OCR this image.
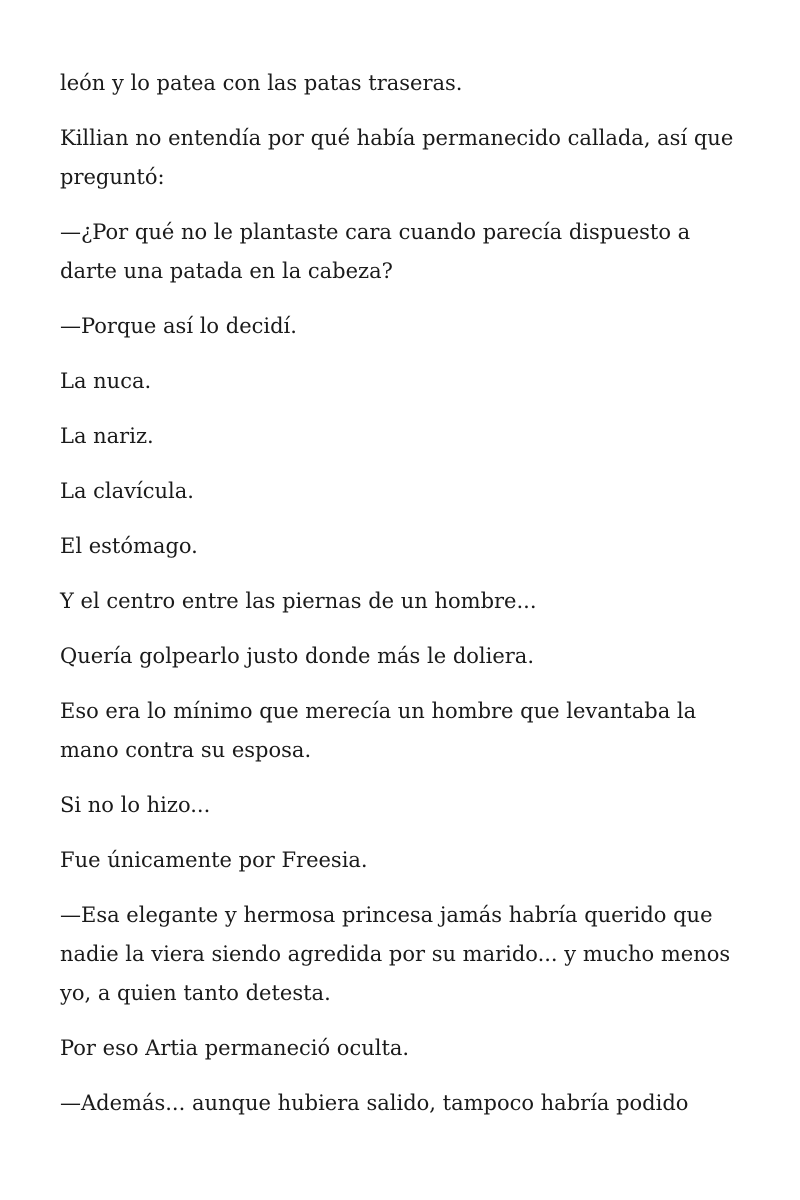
león y lo patea con las patas traseras.

Killian no entendía por qué había permanecido callada, así que preguntó:

—¿Por qué no le plantaste cara cuando parecía dispuesto a darte una patada en la cabeza?

—Porque así lo decidí.

La nuca.

La nariz.

La clavícula.

El estómago.

Y el centro entre las piernas de un hombre...

Quería golpearlo justo donde más le doliera.

Eso era lo mínimo que merecía un hombre que levantaba la mano contra su esposa.

Si no lo hizo...

Fue únicamente por Freesia.

—Esa elegante y hermosa princesa jamás habría querido que nadie la viera siendo agredida por su marido... y mucho menos yo, a quien tanto detesta.

Por eso Artia permaneció oculta.

—Además... aunque hubiera salido, tampoco habría podido
